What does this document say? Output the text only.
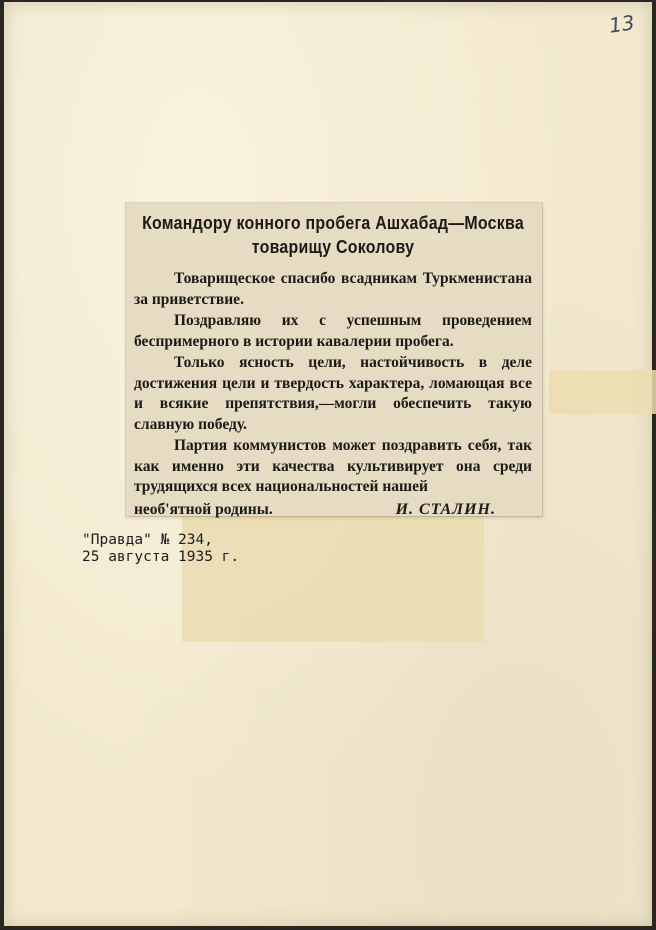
13
Командору конного пробега Ашхабад—Москва
товарищу Соколову

Товарищеское спасибо всадникам Туркменистана за приветствие.

Поздравляю их с успешным проведением беспримерного в истории кавалерии пробега.

Только ясность цели, настойчивость в деле достижения цели и твердость характера, ломающая все и всякие препятствия,—могли обеспечить такую славную победу.

Партия коммунистов может поздравить себя, так как именно эти качества культивирует она среди трудящихся всех национальностей нашей

необ'ятной родины.	И. СТАЛИН.
"Правда" № 234,
25 августа 1935 г.
